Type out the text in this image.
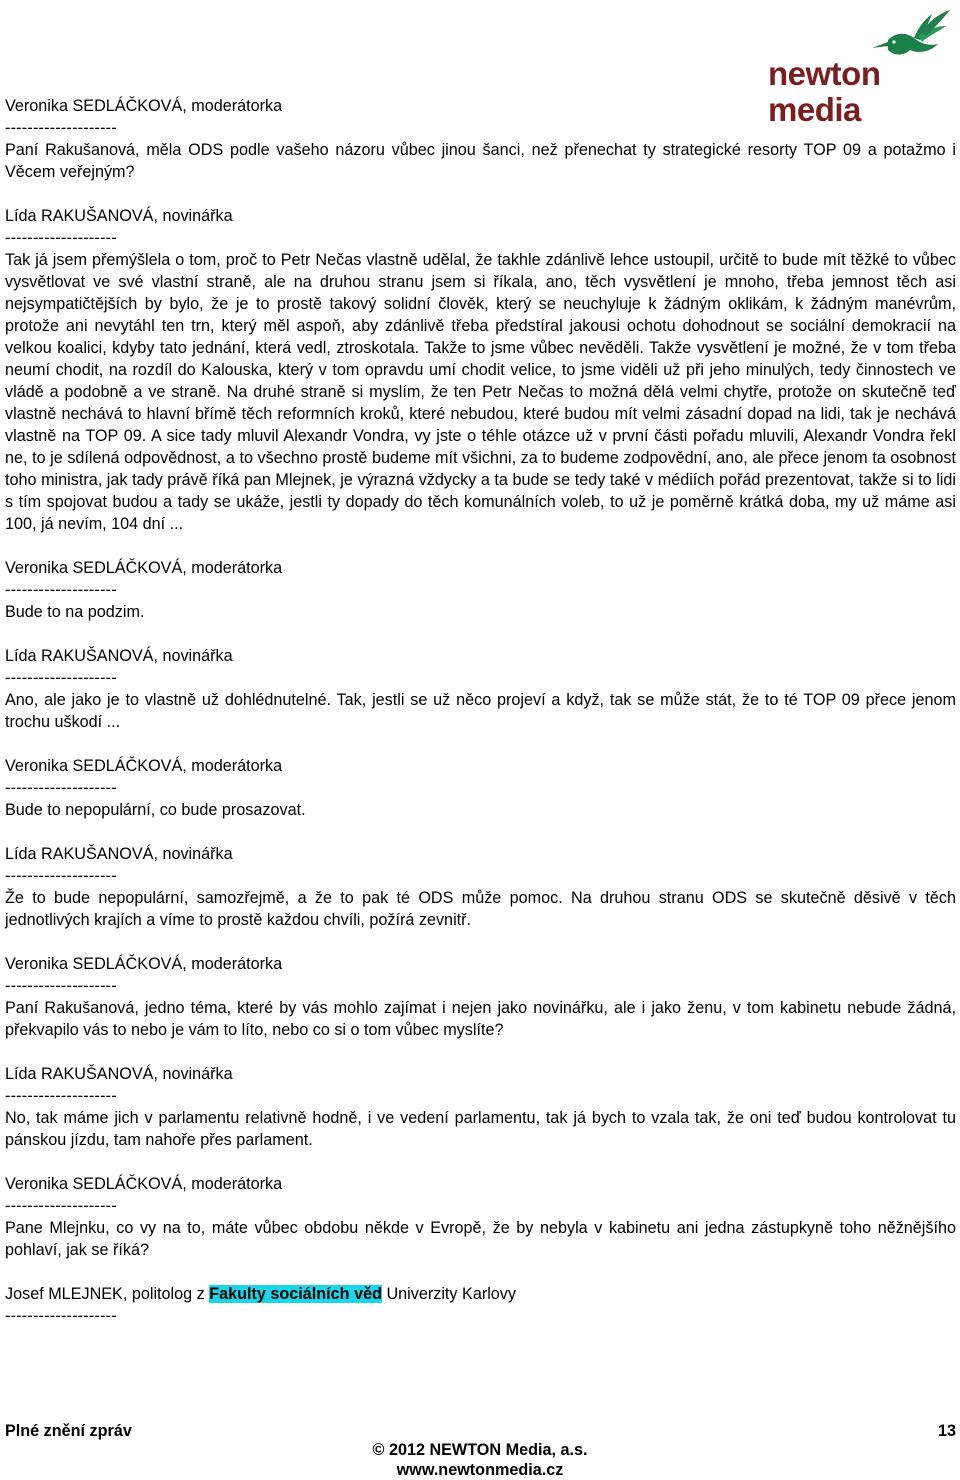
newton media
Veronika SEDLÁČKOVÁ, moderátorka
--------------------
Paní Rakušanová, měla ODS podle vašeho názoru vůbec jinou šanci, než přenechat ty strategické resorty TOP 09 a potažmo i Věcem veřejným?
Lída RAKUŠANOVÁ, novinářka
--------------------
Tak já jsem přemýšlela o tom, proč to Petr Nečas vlastně udělal, že takhle zdánlivě lehce ustoupil, určitě to bude mít těžké to vůbec vysvětlovat ve své vlastní straně, ale na druhou stranu jsem si říkala, ano, těch vysvětlení je mnoho, třeba jemnost těch asi nejsympatičtějších by bylo, že je to prostě takový solidní člověk, který se neuchyluje k žádným oklikám, k žádným manévrům, protože ani nevytáhl ten trn, který měl aspoň, aby zdánlivě třeba předstíral jakousi ochotu dohodnout se sociální demokracií na velkou koalici, kdyby tato jednání, která vedl, ztroskotala. Takže to jsme vůbec nevěděli. Takže vysvětlení je možné, že v tom třeba neumí chodit, na rozdíl do Kalouska, který v tom opravdu umí chodit velice, to jsme viděli už při jeho minulých, tedy činnostech ve vládě a podobně a ve straně. Na druhé straně si myslím, že ten Petr Nečas to možná dělá velmi chytře, protože on skutečně teď vlastně nechává to hlavní břímě těch reformních kroků, které nebudou, které budou mít velmi zásadní dopad na lidi, tak je nechává vlastně na TOP 09. A sice tady mluvil Alexandr Vondra, vy jste o téhle otázce už v první části pořadu mluvili, Alexandr Vondra řekl ne, to je sdílená odpovědnost, a to všechno prostě budeme mít všichni, za to budeme zodpovědní, ano, ale přece jenom ta osobnost toho ministra, jak tady právě říká pan Mlejnek, je výrazná vždycky a ta bude se tedy také v médiích pořád prezentovat, takže si to lidi s tím spojovat budou a tady se ukáže, jestli ty dopady do těch komunálních voleb, to už je poměrně krátká doba, my už máme asi 100, já nevím, 104 dní ...
Veronika SEDLÁČKOVÁ, moderátorka
--------------------
Bude to na podzim.
Lída RAKUŠANOVÁ, novinářka
--------------------
Ano, ale jako je to vlastně už dohlédnutelné. Tak, jestli se už něco projeví a když, tak se může stát, že to té TOP 09 přece jenom trochu uškodí ...
Veronika SEDLÁČKOVÁ, moderátorka
--------------------
Bude to nepopulární, co bude prosazovat.
Lída RAKUŠANOVÁ, novinářka
--------------------
Že to bude nepopulární, samozřejmě, a že to pak té ODS může pomoc. Na druhou stranu ODS se skutečně děsivě v těch jednotlivých krajích a víme to prostě každou chvíli, požírá zevnitř.
Veronika SEDLÁČKOVÁ, moderátorka
--------------------
Paní Rakušanová, jedno téma, které by vás mohlo zajímat i nejen jako novinářku, ale i jako ženu, v tom kabinetu nebude žádná, překvapilo vás to nebo je vám to líto, nebo co si o tom vůbec myslíte?
Lída RAKUŠANOVÁ, novinářka
--------------------
No, tak máme jich v parlamentu relativně hodně, i ve vedení parlamentu, tak já bych to vzala tak, že oni teď budou kontrolovat tu pánskou jízdu, tam nahoře přes parlament.
Veronika SEDLÁČKOVÁ, moderátorka
--------------------
Pane Mlejnku, co vy na to, máte vůbec obdobu někde v Evropě, že by nebyla v kabinetu ani jedna zástupkyně toho něžnějšího pohlaví, jak se říká?
Josef MLEJNEK, politolog z Fakulty sociálních věd Univerzity Karlovy
--------------------
Plné znění zpráv	13
© 2012 NEWTON Media, a.s.
www.newtonmedia.cz
